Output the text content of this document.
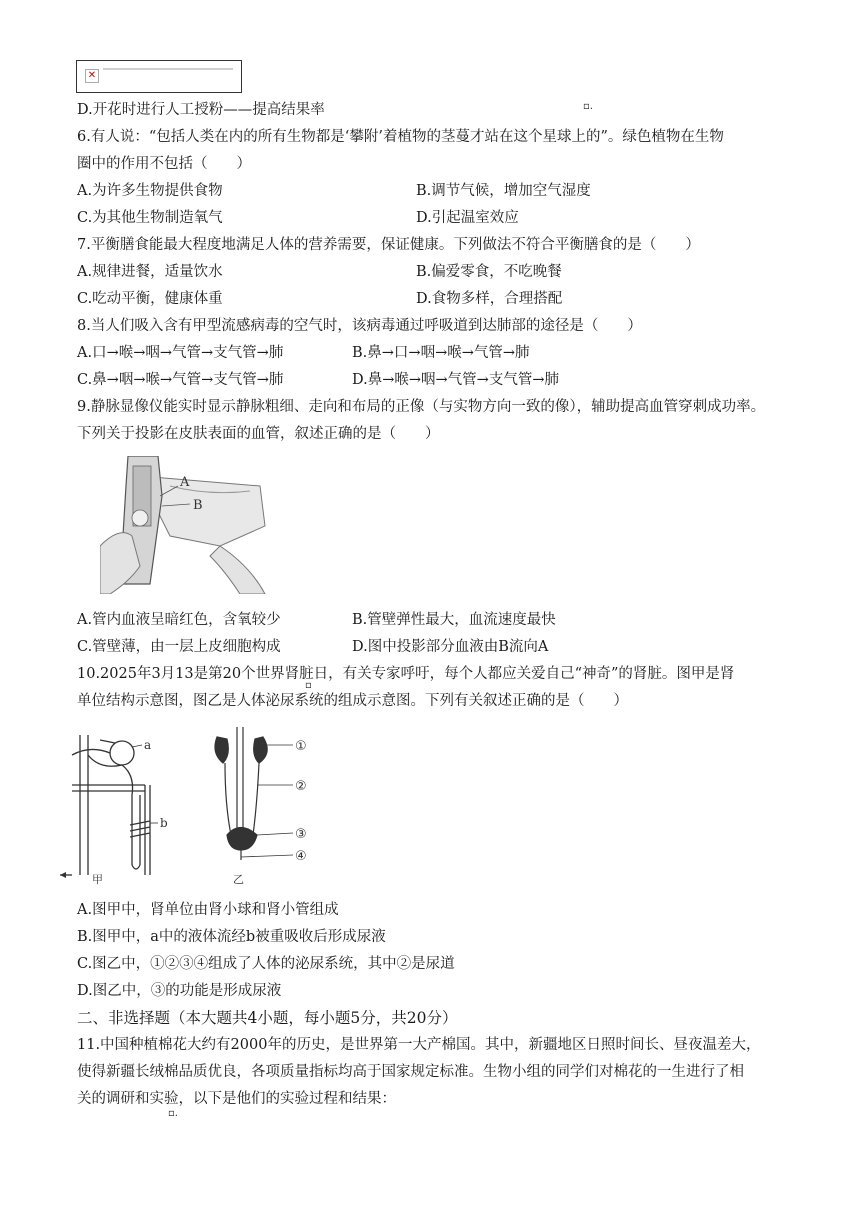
✕
D.开花时进行人工授粉——提高结果率	▫.
6.有人说：“包括人类在内的所有生物都是‘攀附’着植物的茎蔓才站在这个星球上的”。绿色植物在生物
圈中的作用不包括（　　）
A.为许多生物提供食物	B.调节气候，增加空气湿度
C.为其他生物制造氧气	D.引起温室效应
7.平衡膳食能最大程度地满足人体的营养需要，保证健康。下列做法不符合平衡膳食的是（　　）
A.规律进餐，适量饮水	B.偏爱零食，不吃晚餐
C.吃动平衡，健康体重	D.食物多样，合理搭配
8.当人们吸入含有甲型流感病毒的空气时，该病毒通过呼吸道到达肺部的途径是（　　）
A.口→喉→咽→气管→支气管→肺	B.鼻→口→咽→喉→气管→肺
C.鼻→咽→喉→气管→支气管→肺	D.鼻→喉→咽→气管→支气管→肺
9.静脉显像仪能实时显示静脉粗细、走向和布局的正像（与实物方向一致的像），辅助提高血管穿刺成功率。
下列关于投影在皮肤表面的血管，叙述正确的是（　　）
A
B
A.管内血液呈暗红色，含氧较少	B.管壁弹性最大，血流速度最快
C.管壁薄，由一层上皮细胞构成	D.图中投影部分血液由B流向A
10.2025年3月13是第20个世界肾脏日，有关专家呼吁，每个人都应关爱自己“神奇”的肾脏。图甲是肾
单位结构示意图，图乙是人体泌尿系统的组成示意图。下列有关叙述正确的是（　　）
▫
a
b
甲
①
②
③
④
乙
A.图甲中，肾单位由肾小球和肾小管组成
B.图甲中，a中的液体流经b被重吸收后形成尿液
C.图乙中，①②③④组成了人体的泌尿系统，其中②是尿道
D.图乙中，③的功能是形成尿液
二、非选择题（本大题共4小题，每小题5分，共20分）
11.中国种植棉花大约有2000年的历史，是世界第一大产棉国。其中，新疆地区日照时间长、昼夜温差大，
使得新疆长绒棉品质优良，各项质量指标均高于国家规定标准。生物小组的同学们对棉花的一生进行了相
关的调研和实验，以下是他们的实验过程和结果：
▫.
